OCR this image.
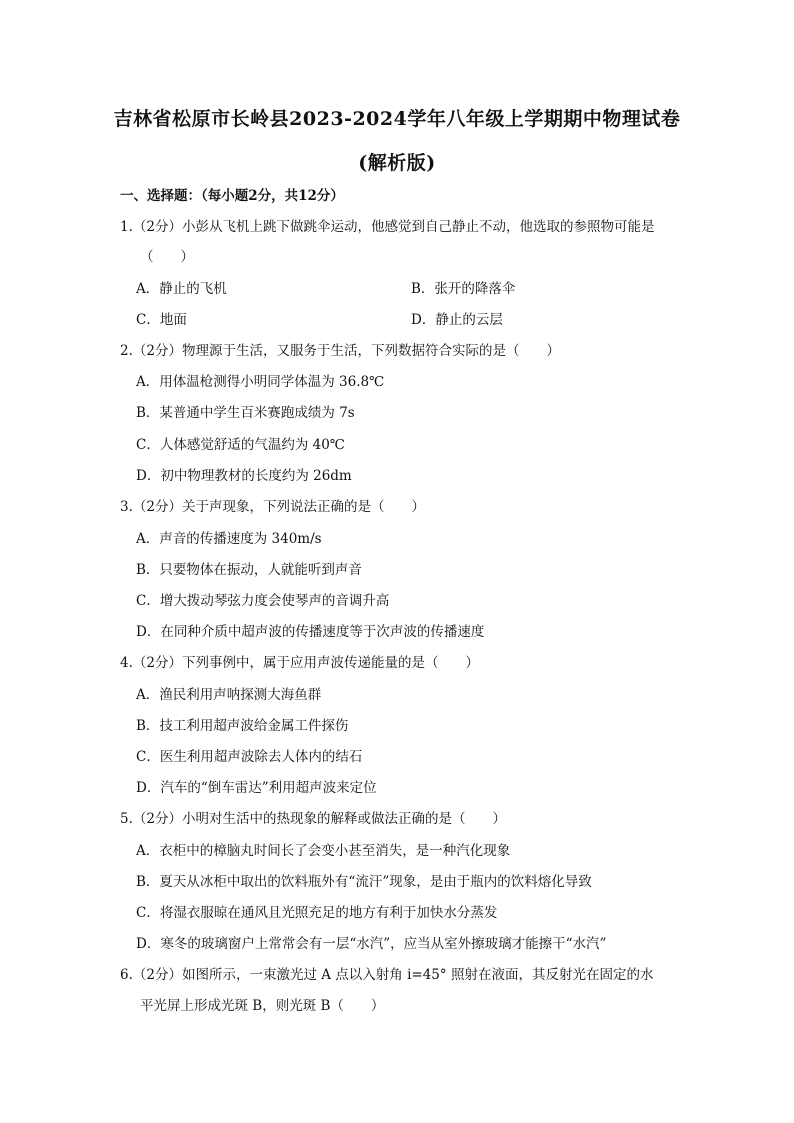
吉林省松原市长岭县2023-2024学年八年级上学期期中物理试卷
(解析版)
一、选择题：（每小题2分，共12分）
1.（2分）小彭从飞机上跳下做跳伞运动，他感觉到自己静止不动，他选取的参照物可能是
（　　）
A．静止的飞机	B．张开的降落伞
C．地面	D．静止的云层
2.（2分）物理源于生活，又服务于生活，下列数据符合实际的是（　　）
A．用体温枪测得小明同学体温为 36.8℃
B．某普通中学生百米赛跑成绩为 7s
C．人体感觉舒适的气温约为 40℃
D．初中物理教材的长度约为 26dm
3.（2分）关于声现象，下列说法正确的是（　　）
A．声音的传播速度为 340m/s
B．只要物体在振动，人就能听到声音
C．增大拨动琴弦力度会使琴声的音调升高
D．在同种介质中超声波的传播速度等于次声波的传播速度
4.（2分）下列事例中，属于应用声波传递能量的是（　　）
A．渔民利用声呐探测大海鱼群
B．技工利用超声波给金属工件探伤
C．医生利用超声波除去人体内的结石
D．汽车的“倒车雷达”利用超声波来定位
5.（2分）小明对生活中的热现象的解释或做法正确的是（　　）
A．衣柜中的樟脑丸时间长了会变小甚至消失，是一种汽化现象
B．夏天从冰柜中取出的饮料瓶外有“流汗”现象，是由于瓶内的饮料熔化导致
C．将湿衣服晾在通风且光照充足的地方有利于加快水分蒸发
D．寒冬的玻璃窗户上常常会有一层“水汽”，应当从室外擦玻璃才能擦干“水汽”
6.（2分）如图所示，一束激光过 A 点以入射角 i=45° 照射在液面，其反射光在固定的水
平光屏上形成光斑 B，则光斑 B（　　）
